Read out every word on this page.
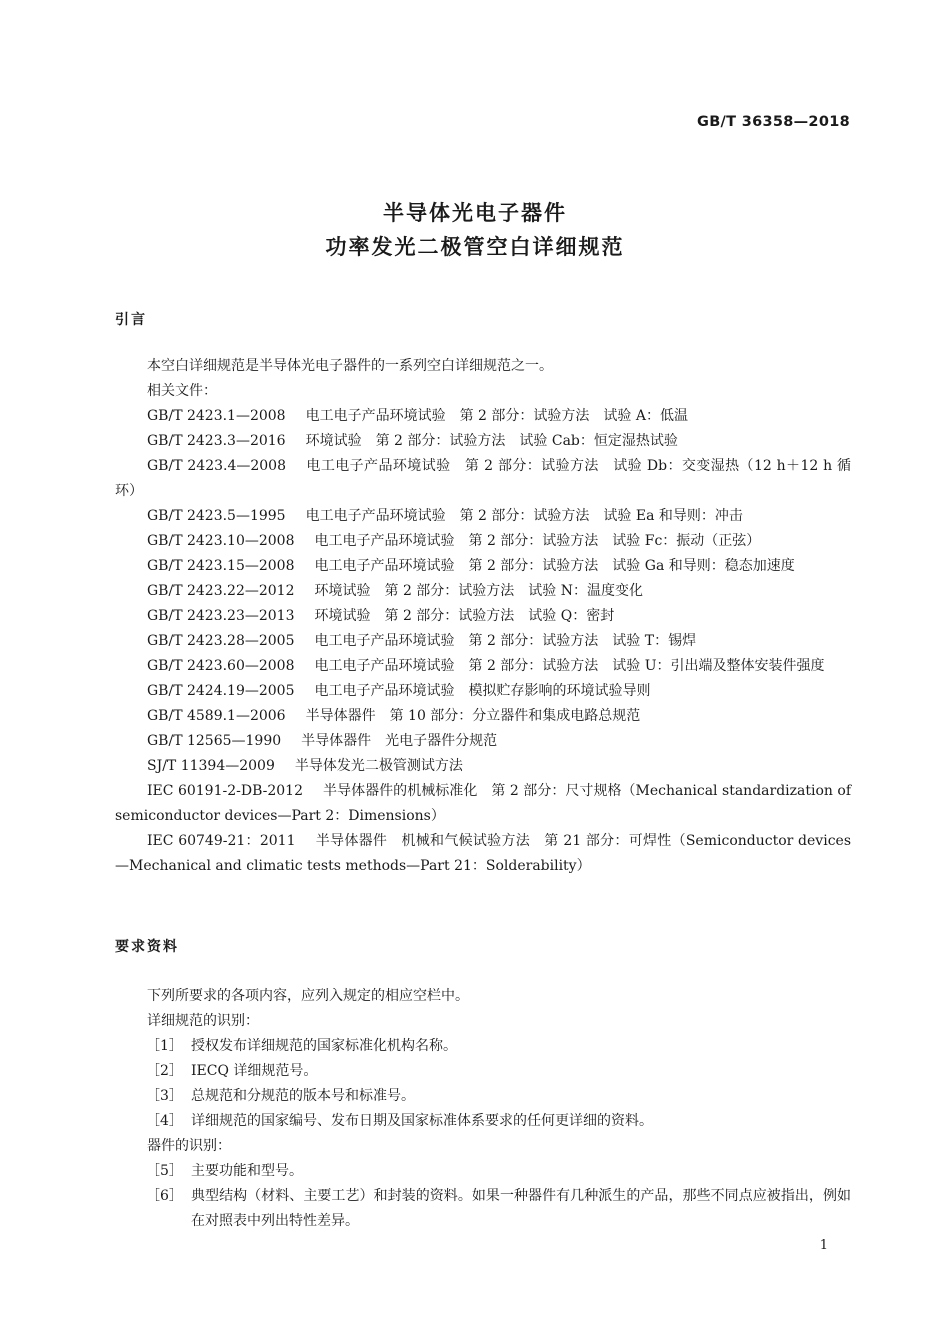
GB/T 36358—2018
半导体光电子器件
功率发光二极管空白详细规范
引言
本空白详细规范是半导体光电子器件的一系列空白详细规范之一。
相关文件：
GB/T 2423.1—2008 电工电子产品环境试验　第 2 部分：试验方法　试验 A：低温
GB/T 2423.3—2016 环境试验　第 2 部分：试验方法　试验 Cab：恒定湿热试验
GB/T 2423.4—2008 电工电子产品环境试验　第 2 部分：试验方法　试验 Db：交变湿热（12 h＋12 h 循环）
GB/T 2423.5—1995 电工电子产品环境试验　第 2 部分：试验方法　试验 Ea 和导则：冲击
GB/T 2423.10—2008 电工电子产品环境试验　第 2 部分：试验方法　试验 Fc：振动（正弦）
GB/T 2423.15—2008 电工电子产品环境试验　第 2 部分：试验方法　试验 Ga 和导则：稳态加速度
GB/T 2423.22—2012 环境试验　第 2 部分：试验方法　试验 N：温度变化
GB/T 2423.23—2013 环境试验　第 2 部分：试验方法　试验 Q：密封
GB/T 2423.28—2005 电工电子产品环境试验　第 2 部分：试验方法　试验 T：锡焊
GB/T 2423.60—2008 电工电子产品环境试验　第 2 部分：试验方法　试验 U：引出端及整体安装件强度
GB/T 2424.19—2005 电工电子产品环境试验　模拟贮存影响的环境试验导则
GB/T 4589.1—2006 半导体器件　第 10 部分：分立器件和集成电路总规范
GB/T 12565—1990 半导体器件　光电子器件分规范
SJ/T 11394—2009 半导体发光二极管测试方法
IEC 60191-2-DB-2012 半导体器件的机械标准化　第 2 部分：尺寸规格（Mechanical standardization of semiconductor devices—Part 2：Dimensions）
IEC 60749-21：2011 半导体器件　机械和气候试验方法　第 21 部分：可焊性（Semiconductor devices—Mechanical and climatic tests methods—Part 21：Solderability）
要求资料
下列所要求的各项内容，应列入规定的相应空栏中。
详细规范的识别：
［1］ 授权发布详细规范的国家标准化机构名称。
［2］ IECQ 详细规范号。
［3］ 总规范和分规范的版本号和标准号。
［4］ 详细规范的国家编号、发布日期及国家标准体系要求的任何更详细的资料。
器件的识别：
［5］ 主要功能和型号。
［6］ 典型结构（材料、主要工艺）和封装的资料。如果一种器件有几种派生的产品，那些不同点应被指出，例如在对照表中列出特性差异。
1
